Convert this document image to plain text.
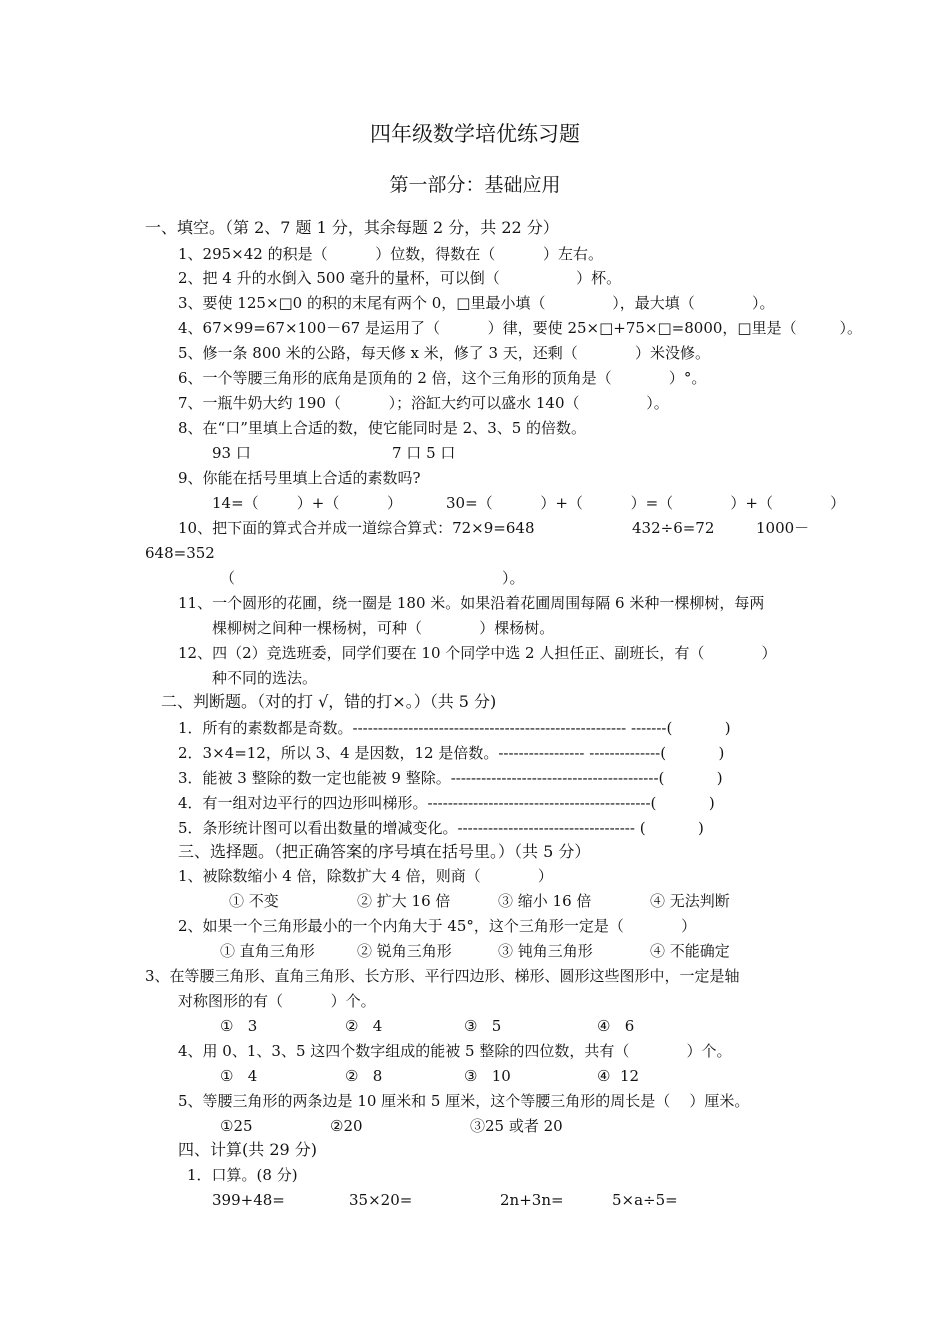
四年级数学培优练习题
第一部分：基础应用
一、填空。（第 2、7 题 1 分，其余每题 2 分，共 22 分）
1、295×42 的积是（          ）位数，得数在（          ）左右。
2、把 4 升的水倒入 500 毫升的量杯，可以倒（                ）杯。
3、要使 125×□0 的积的末尾有两个 0，□里最小填（              ），最大填（            ）。
4、67×99=67×100－67 是运用了（          ）律，要使 25×□+75×□=8000，□里是（         ）。
5、修一条 800 米的公路，每天修 x 米，修了 3 天，还剩（            ）米没修。
6、一个等腰三角形的底角是顶角的 2 倍，这个三角形的顶角是（            ）°。
7、一瓶牛奶大约 190（          ）；浴缸大约可以盛水 140（              ）。
8、在“口”里填上合适的数，使它能同时是 2、3、5 的倍数。
93 口	7 口 5 口
9、你能在括号里填上合适的素数吗?
14=（        ）+（          ）	30=（          ）+（          ）=（            ）+（            ）
10、把下面的算式合并成一道综合算式：72×9=648	432÷6=72	1000－
648=352
（                                                        ）。
11、一个圆形的花圃，绕一圈是 180 米。如果沿着花圃周围每隔 6 米种一棵柳树，每两
棵柳树之间种一棵杨树，可种（            ）棵杨树。
12、四（2）竞选班委，同学们要在 10 个同学中选 2 人担任正、副班长，有（            ）
种不同的选法。
二、判断题。（对的打 √，错的打×。）（共 5 分)
1．所有的素数都是奇数。------------------------------------------------------ -------(           )
2．3×4=12，所以 3、4 是因数，12 是倍数。----------------- --------------(           )
3．能被 3 整除的数一定也能被 9 整除。-----------------------------------------(           )
4．有一组对边平行的四边形叫梯形。--------------------------------------------(           )
5．条形统计图可以看出数量的增减变化。----------------------------------- (           )
三、选择题。（把正确答案的序号填在括号里。）（共 5 分）
1、被除数缩小 4 倍，除数扩大 4 倍，则商（            ）
① 不变	② 扩大 16 倍	③ 缩小 16 倍	④ 无法判断
2、如果一个三角形最小的一个内角大于 45°，这个三角形一定是（            ）
① 直角三角形	② 锐角三角形	③ 钝角三角形	④ 不能确定
3、在等腰三角形、直角三角形、长方形、平行四边形、梯形、圆形这些图形中，一定是轴
对称图形的有（          ）个。
①   3	②   4	③   5	④   6
4、用 0、1、3、5 这四个数字组成的能被 5 整除的四位数，共有（            ）个。
①   4	②   8	③   10	④  12
5、等腰三角形的两条边是 10 厘米和 5 厘米，这个等腰三角形的周长是（    ）厘米。
①25	②20	③25 或者 20
四、计算(共 29 分)
1．口算。(8 分)
399+48=	35×20=	2n+3n=	5×a÷5=
